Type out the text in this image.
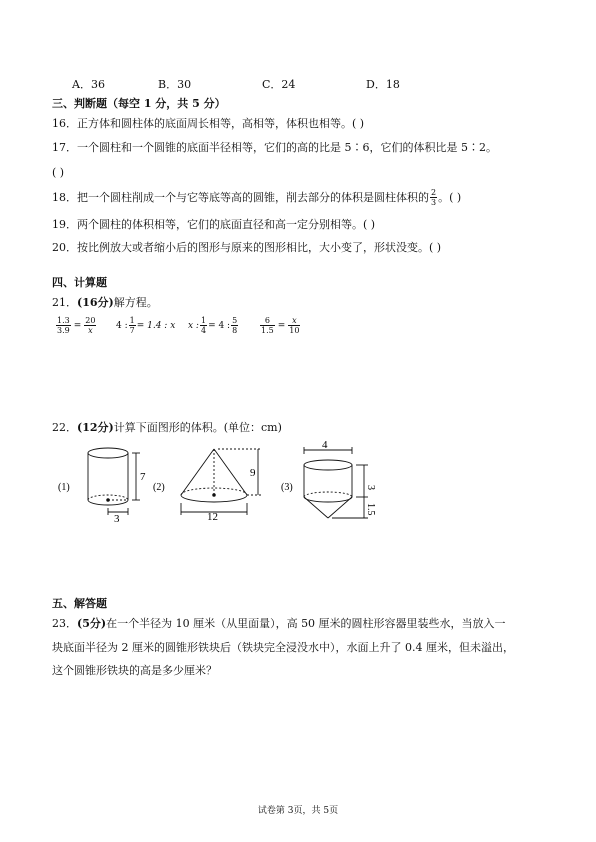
A．36	B．30	C．24	D．18
三、判断题（每空 1 分，共 5 分）
16．正方体和圆柱体的底面周长相等，高相等，体积也相等。( )
17．一个圆柱和一个圆锥的底面半径相等，它们的高的比是 5∶6，它们的体积比是 5∶2。
( )
18．把一个圆柱削成一个与它等底等高的圆锥，削去部分的体积是圆柱体积的 $\frac{2}{3}$ 。( )
19．两个圆柱的体积相等，它们的底面直径和高一定分别相等。( )
20．按比例放大或者缩小后的图形与原来的图形相比，大小变了，形状没变。( )
四、计算题
21．(16分)解方程。
$\frac{1.3}{3.9} = \frac{20}{x} 4$ : $\frac{1}{7} = 1.4$ : x x : $\frac{1}{4} = 4$ : $\frac{5}{8}$	$\frac{6}{1.5} = \frac{x}{10}$
22．(12分)计算下面图形的体积。(单位：cm)
(1)
7
3
(2)
9
12
(3)
4
3
1.5
五、解答题
23．(5分)在一个半径为 10 厘米（从里面量），高 50 厘米的圆柱形容器里装些水，当放入一
块底面半径为 2 厘米的圆锥形铁块后（铁块完全浸没水中），水面上升了 0.4 厘米，但未溢出，
这个圆锥形铁块的高是多少厘米？
试卷第 3页，共 5页
